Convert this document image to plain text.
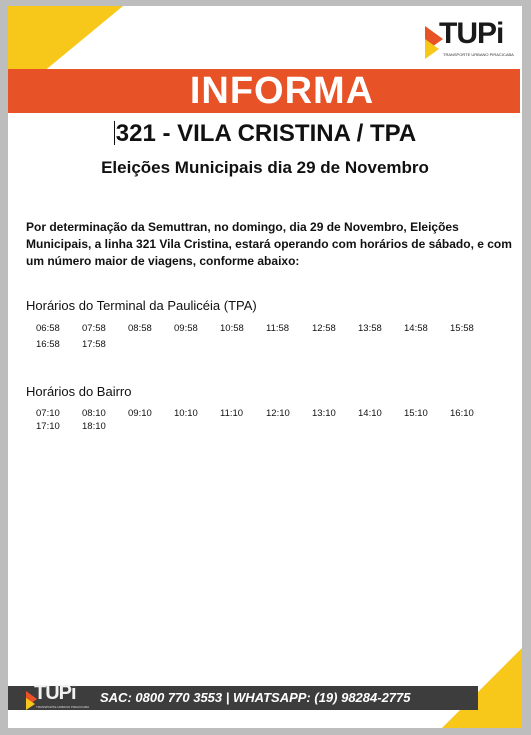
TUPi
TRANSPORTE URBANO PIRACICABA
INFORMA
321 - VILA CRISTINA / TPA
Eleições Municipais dia 29 de Novembro
Por determinação da Semuttran, no domingo, dia 29 de Novembro, Eleições Municipais, a linha 321 Vila Cristina, estará operando com horários de sábado, e com um número maior de viagens, conforme abaixo:
Horários do Terminal da Paulicéia (TPA)
06:58	07:58	08:58	09:58	10:58	11:58	12:58	13:58	14:58	15:58
16:58	17:58
Horários do Bairro
07:10	08:10	09:10	10:10	11:10	12:10	13:10	14:10	15:10	16:10
17:10	18:10
TUPi
TRANSPORTE URBANO PIRACICABA
SAC: 0800 770 3553 | WHATSAPP: (19) 98284-2775
